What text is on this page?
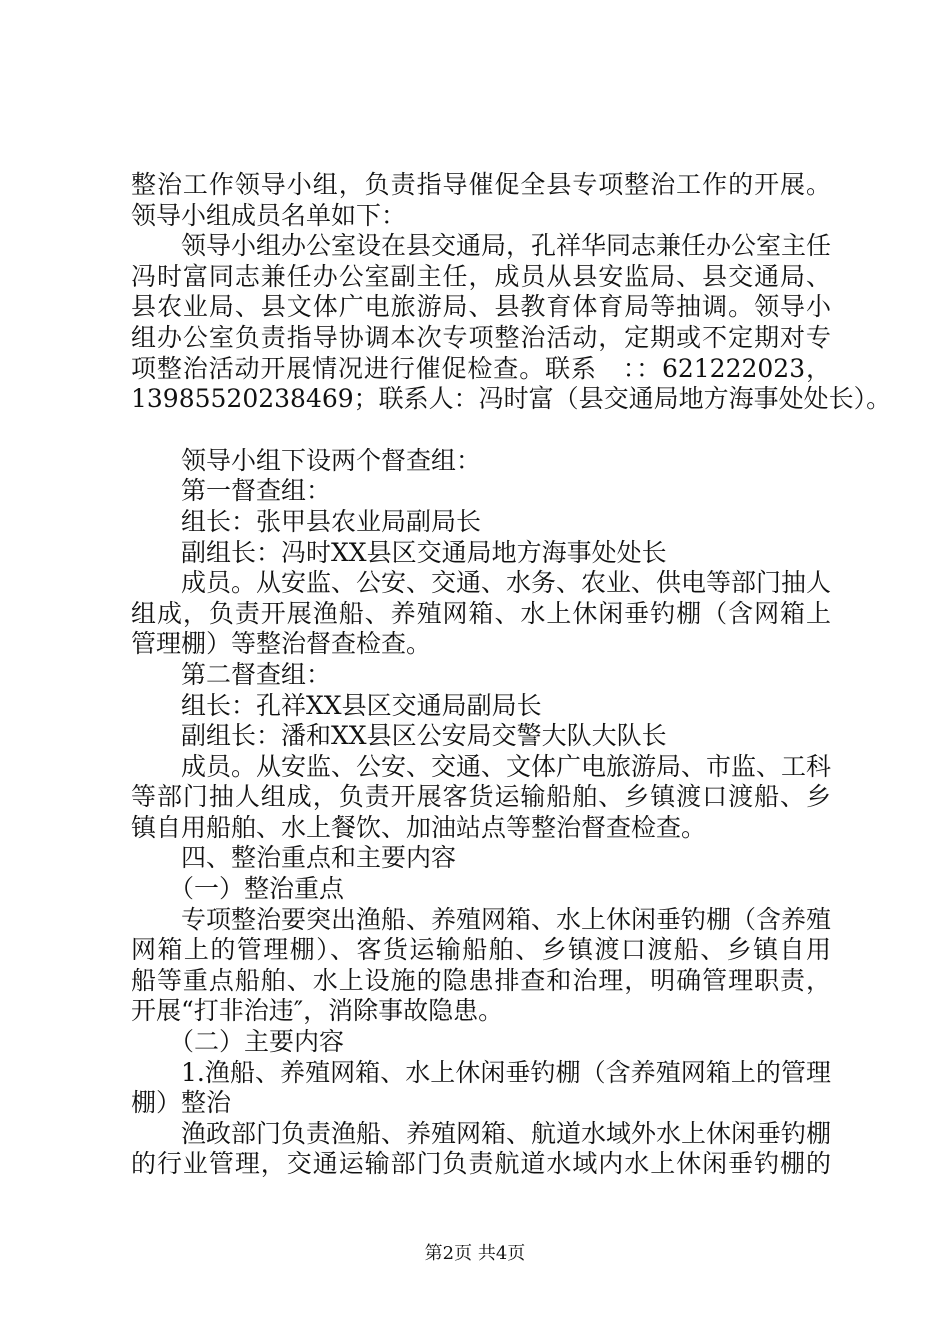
整治工作领导小组，负责指导催促全县专项整治工作的开展。
领导小组成员名单如下：
领导小组办公室设在县交通局，孔祥华同志兼任办公室主任
冯时富同志兼任办公室副主任，成员从县安监局、县交通局、
县农业局、县文体广电旅游局、县教育体育局等抽调。领导小
组办公室负责指导协调本次专项整治活动，定期或不定期对专
项整治活动开展情况进行催促检查。联系　：：621222023，
13985520238469；联系人：冯时富（县交通局地方海事处处长）。
领导小组下设两个督查组：
第一督查组：
组长：张甲县农业局副局长
副组长：冯时XX县区交通局地方海事处处长
成员。从安监、公安、交通、水务、农业、供电等部门抽人
组成，负责开展渔船、养殖网箱、水上休闲垂钓棚（含网箱上
管理棚）等整治督查检查。
第二督查组：
组长：孔祥XX县区交通局副局长
副组长：潘和XX县区公安局交警大队大队长
成员。从安监、公安、交通、文体广电旅游局、市监、工科
等部门抽人组成，负责开展客货运输船舶、乡镇渡口渡船、乡
镇自用船舶、水上餐饮、加油站点等整治督查检查。
四、整治重点和主要内容
（一）整治重点
专项整治要突出渔船、养殖网箱、水上休闲垂钓棚（含养殖
网箱上的管理棚）、客货运输船舶、乡镇渡口渡船、乡镇自用
船等重点船舶、水上设施的隐患排查和治理，明确管理职责，
开展“打非治违″，消除事故隐患。
（二）主要内容
1.渔船、养殖网箱、水上休闲垂钓棚（含养殖网箱上的管理
棚）整治
渔政部门负责渔船、养殖网箱、航道水域外水上休闲垂钓棚
的行业管理，交通运输部门负责航道水域内水上休闲垂钓棚的
第2页 共4页
